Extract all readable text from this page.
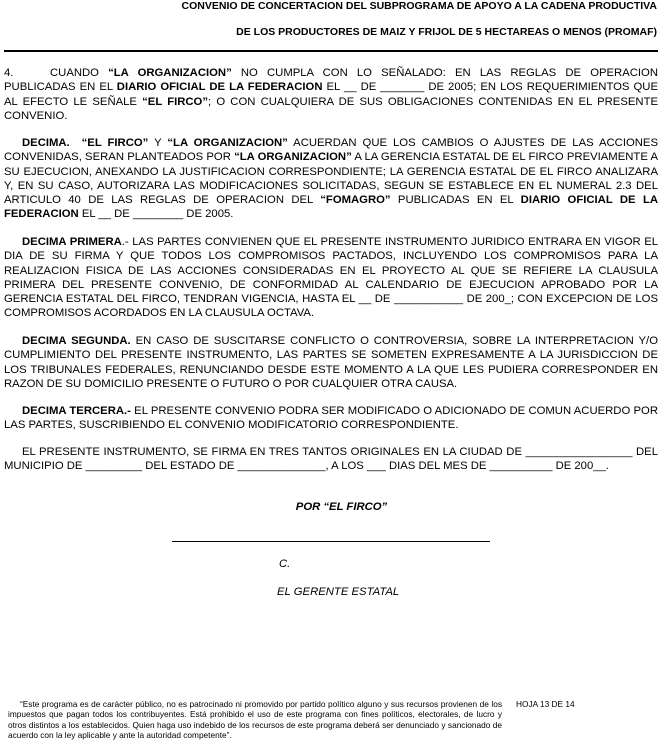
CONVENIO DE CONCERTACION DEL SUBPROGRAMA DE APOYO A LA CADENA PRODUCTIVA
DE LOS PRODUCTORES DE MAIZ Y FRIJOL DE 5 HECTAREAS O MENOS (PROMAF)

4.	CUANDO “LA ORGANIZACION” NO CUMPLA CON LO SEÑALADO: EN LAS REGLAS DE OPERACION PUBLICADAS EN EL DIARIO OFICIAL DE LA FEDERACION EL __ DE _______ DE 2005; EN LOS REQUERIMIENTOS QUE AL EFECTO LE SEÑALE “EL FIRCO”; O CON CUALQUIERA DE SUS OBLIGACIONES CONTENIDAS EN EL PRESENTE CONVENIO.

DECIMA. “EL FIRCO” Y “LA ORGANIZACION” ACUERDAN QUE LOS CAMBIOS O AJUSTES DE LAS ACCIONES CONVENIDAS, SERAN PLANTEADOS POR “LA ORGANIZACION” A LA GERENCIA ESTATAL DE EL FIRCO PREVIAMENTE A SU EJECUCION, ANEXANDO LA JUSTIFICACION CORRESPONDIENTE; LA GERENCIA ESTATAL DE EL FIRCO ANALIZARA Y, EN SU CASO, AUTORIZARA LAS MODIFICACIONES SOLICITADAS, SEGUN SE ESTABLECE EN EL NUMERAL 2.3 DEL ARTICULO 40 DE LAS REGLAS DE OPERACION DEL “FOMAGRO” PUBLICADAS EN EL DIARIO OFICIAL DE LA FEDERACION EL __ DE ________ DE 2005.

DECIMA PRIMERA.- LAS PARTES CONVIENEN QUE EL PRESENTE INSTRUMENTO JURIDICO ENTRARA EN VIGOR EL DIA DE SU FIRMA Y QUE TODOS LOS COMPROMISOS PACTADOS, INCLUYENDO LOS COMPROMISOS PARA LA REALIZACION FISICA DE LAS ACCIONES CONSIDERADAS EN EL PROYECTO AL QUE SE REFIERE LA CLAUSULA PRIMERA DEL PRESENTE CONVENIO, DE CONFORMIDAD AL CALENDARIO DE EJECUCION APROBADO POR LA GERENCIA ESTATAL DEL FIRCO, TENDRAN VIGENCIA, HASTA EL __ DE ___________ DE 200_; CON EXCEPCION DE LOS COMPROMISOS ACORDADOS EN LA CLAUSULA OCTAVA.

DECIMA SEGUNDA. EN CASO DE SUSCITARSE CONFLICTO O CONTROVERSIA, SOBRE LA INTERPRETACION Y/O CUMPLIMIENTO DEL PRESENTE INSTRUMENTO, LAS PARTES SE SOMETEN EXPRESAMENTE A LA JURISDICCION DE LOS TRIBUNALES FEDERALES, RENUNCIANDO DESDE ESTE MOMENTO A LA QUE LES PUDIERA CORRESPONDER EN RAZON DE SU DOMICILIO PRESENTE O FUTURO O POR CUALQUIER OTRA CAUSA.

DECIMA TERCERA.- EL PRESENTE CONVENIO PODRA SER MODIFICADO O ADICIONADO DE COMUN ACUERDO POR LAS PARTES, SUSCRIBIENDO EL CONVENIO MODIFICATORIO CORRESPONDIENTE.

EL PRESENTE INSTRUMENTO, SE FIRMA EN TRES TANTOS ORIGINALES EN LA CIUDAD DE _________________ DEL MUNICIPIO DE _________ DEL ESTADO DE ______________, A LOS ___ DIAS DEL MES DE __________ DE 200__.

POR “EL FIRCO”
C.
EL GERENTE ESTATAL
“Este programa es de carácter público, no es patrocinado ni promovido por partido político alguno y sus recursos provienen de los impuestos que pagan todos los contribuyentes. Está prohibido el uso de este programa con fines políticos, electorales, de lucro y otros distintos a los establecidos. Quien haga uso indebido de los recursos de este programa deberá ser denunciado y sancionado de acuerdo con la ley aplicable y ante la autoridad competente”.
HOJA 13 DE 14
